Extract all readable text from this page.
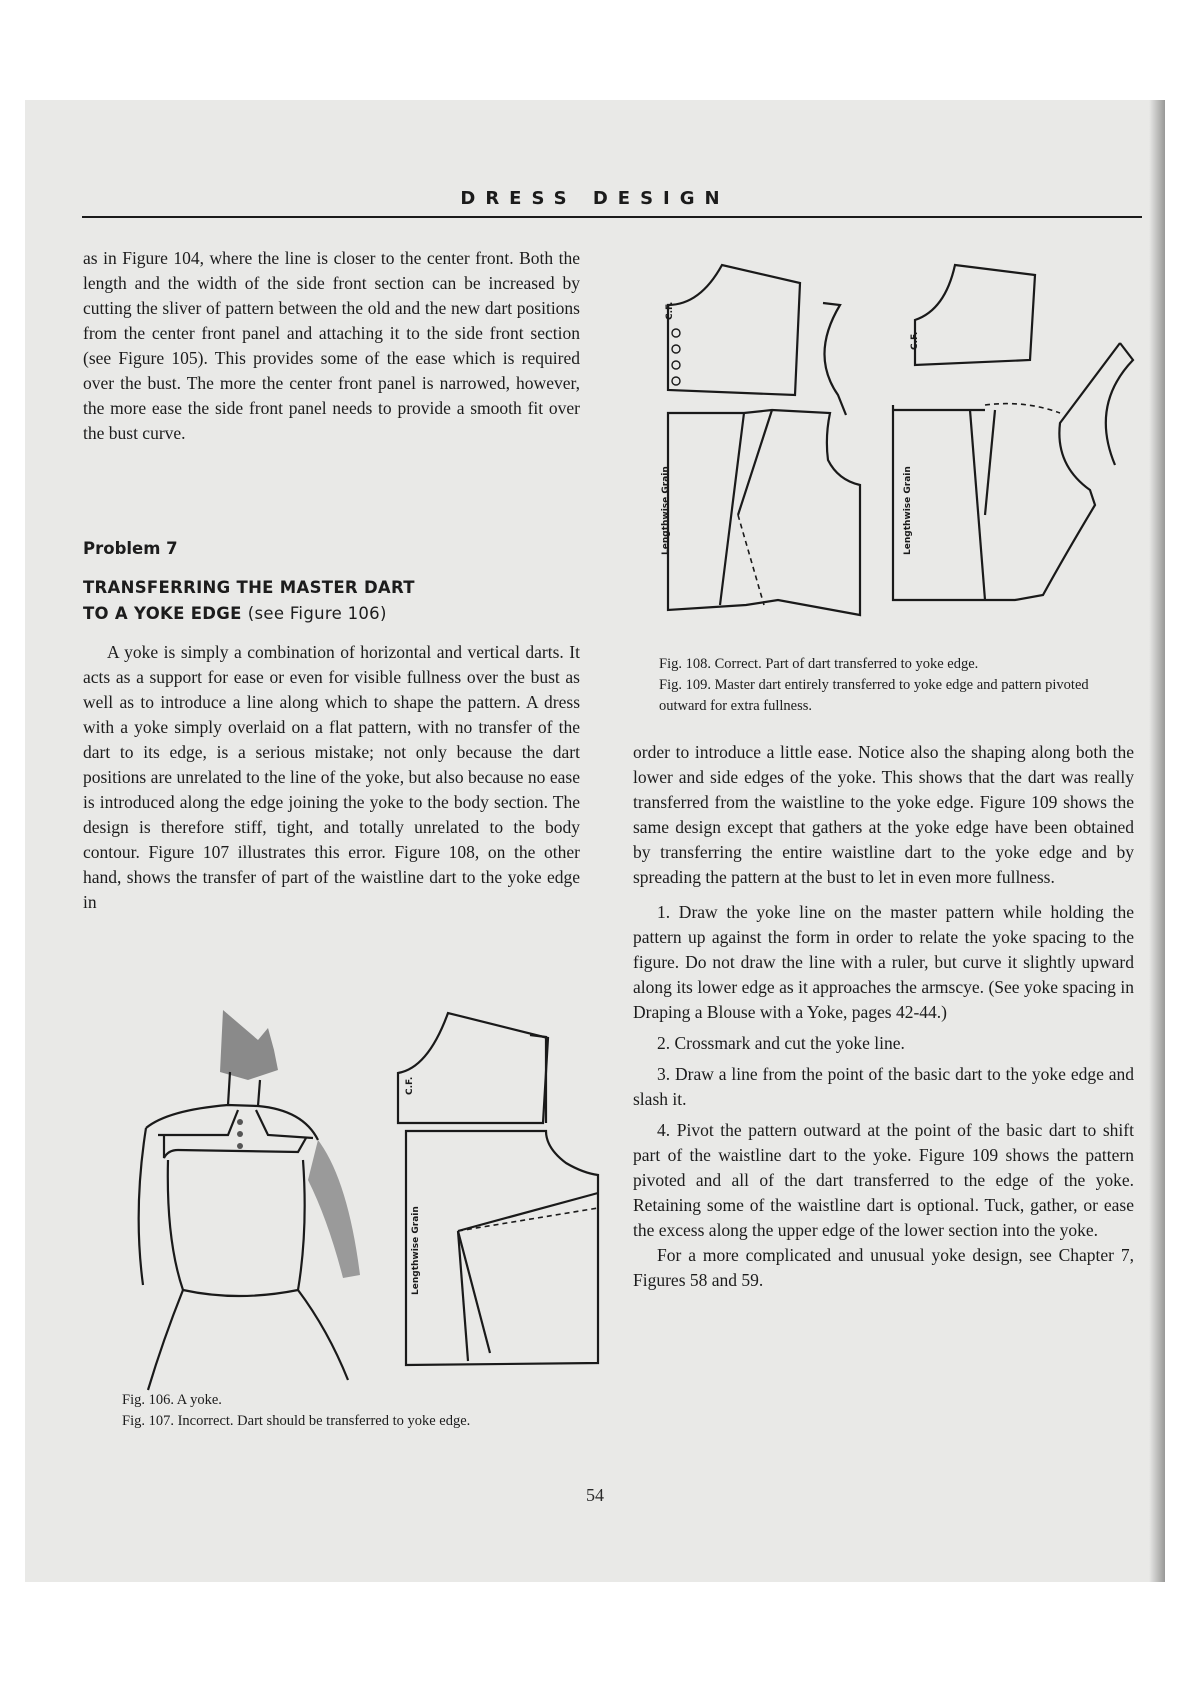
DRESS DESIGN

as in Figure 104, where the line is closer to the center front. Both the length and the width of the side front section can be increased by cutting the sliver of pattern between the old and the new dart positions from the center front panel and attaching it to the side front section (see Figure 105). This provides some of the ease which is required over the bust. The more the center front panel is narrowed, however, the more ease the side front panel needs to provide a smooth fit over the bust curve.

Problem 7

TRANSFERRING THE MASTER DART

TO A YOKE EDGE (see Figure 106)

A yoke is simply a combination of horizontal and vertical darts. It acts as a support for ease or even for visible fullness over the bust as well as to introduce a line along which to shape the pattern. A dress with a yoke simply overlaid on a flat pattern, with no transfer of the dart to its edge, is a serious mistake; not only because the dart positions are unrelated to the line of the yoke, but also because no ease is introduced along the edge joining the yoke to the body section. The design is therefore stiff, tight, and totally unrelated to the body contour. Figure 107 illustrates this error. Figure 108, on the other hand, shows the transfer of part of the waistline dart to the yoke edge in

C.F.
Lengthwise Grain
C.F.
Lengthwise Grain
Fig. 108. Correct. Part of dart transferred to yoke edge.
Fig. 109. Master dart entirely transferred to yoke edge and pattern pivoted outward for extra fullness.

order to introduce a little ease. Notice also the shaping along both the lower and side edges of the yoke. This shows that the dart was really transferred from the waistline to the yoke edge. Figure 109 shows the same design except that gathers at the yoke edge have been obtained by transferring the entire waistline dart to the yoke edge and by spreading the pattern at the bust to let in even more fullness.

1. Draw the yoke line on the master pattern while holding the pattern up against the form in order to relate the yoke spacing to the figure. Do not draw the line with a ruler, but curve it slightly upward along its lower edge as it approaches the armscye. (See yoke spacing in Draping a Blouse with a Yoke, pages 42-44.)

2. Crossmark and cut the yoke line.

3. Draw a line from the point of the basic dart to the yoke edge and slash it.

4. Pivot the pattern outward at the point of the basic dart to shift part of the waistline dart to the yoke. Figure 109 shows the pattern pivoted and all of the dart transferred to the edge of the yoke. Retaining some of the waistline dart is optional. Tuck, gather, or ease the excess along the upper edge of the lower section into the yoke.

For a more complicated and unusual yoke design, see Chapter 7, Figures 58 and 59.

C.F.
Lengthwise Grain
Fig. 106. A yoke.
Fig. 107. Incorrect. Dart should be transferred to yoke edge.
54
